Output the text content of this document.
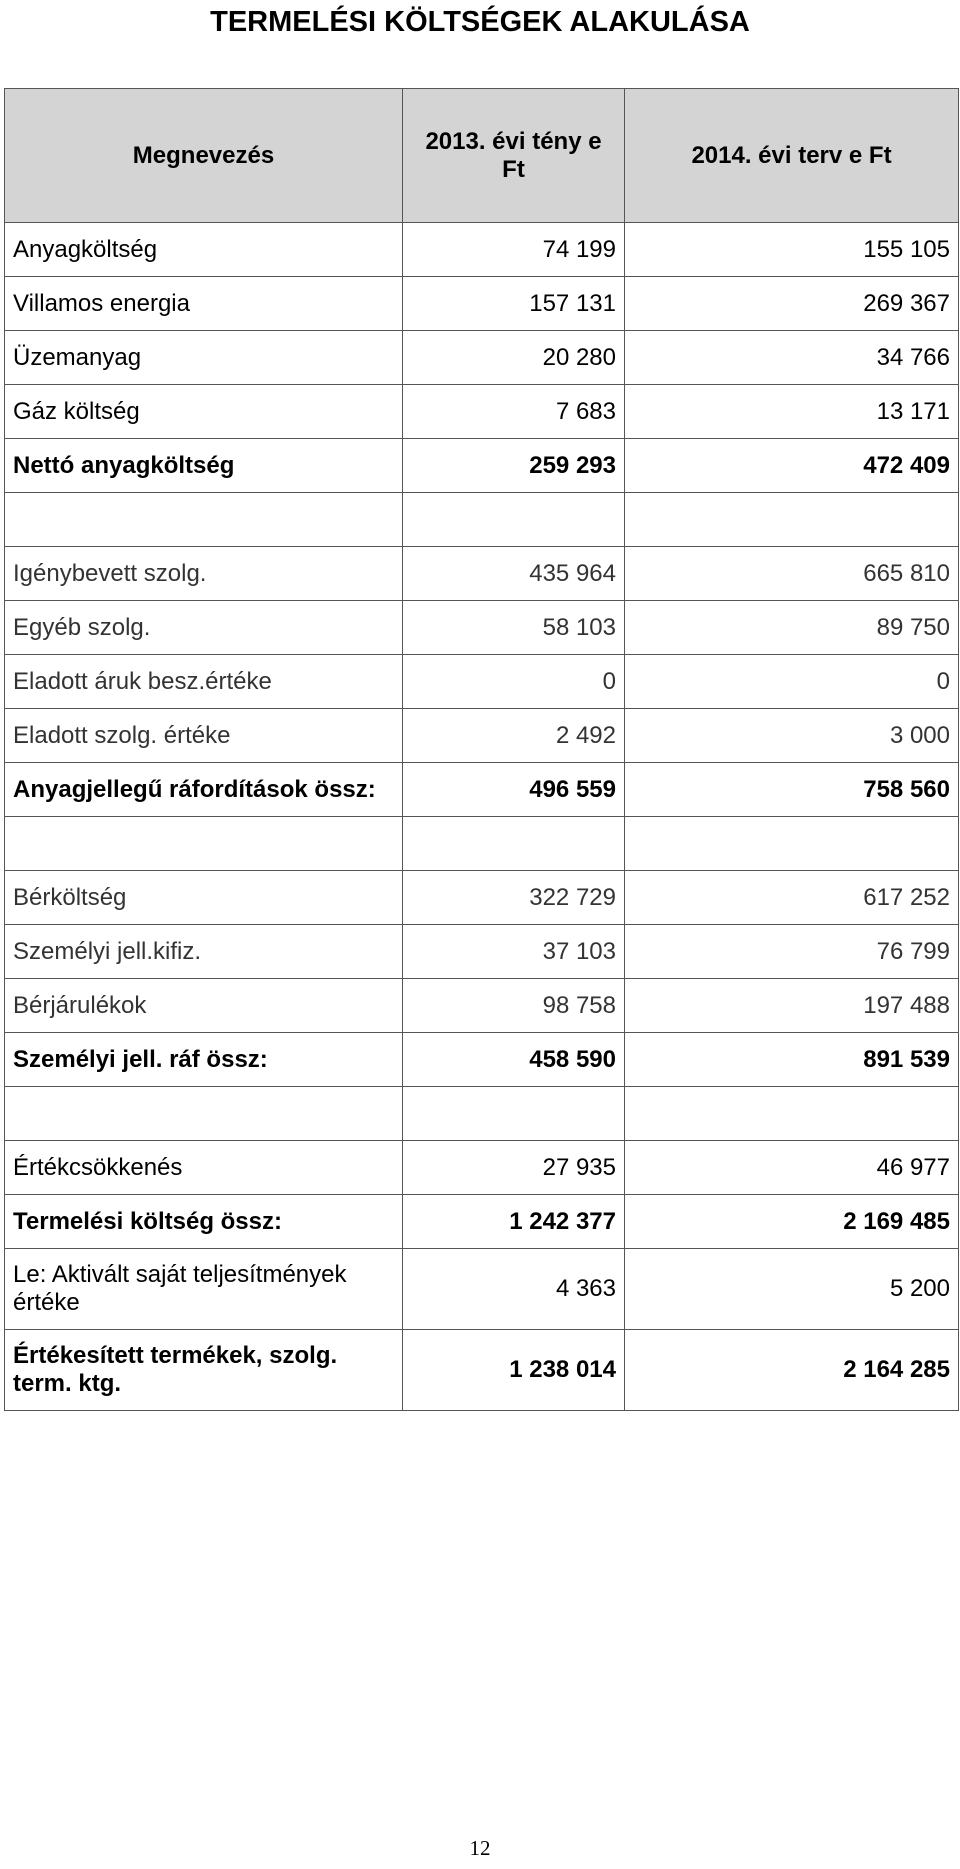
TERMELÉSI KÖLTSÉGEK ALAKULÁSA
Megnevezés	2013. évi tény e Ft	2014. évi terv e Ft
Anyagköltség	74 199	155 105
Villamos energia	157 131	269 367
Üzemanyag	20 280	34 766
Gáz költség	7 683	13 171
Nettó anyagköltség	259 293	472 409

Igénybevett szolg.	435 964	665 810
Egyéb szolg.	58 103	89 750
Eladott áruk besz.értéke	0	0
Eladott szolg. értéke	2 492	3 000
Anyagjellegű ráfordítások össz:	496 559	758 560

Bérköltség	322 729	617 252
Személyi jell.kifiz.	37 103	76 799
Bérjárulékok	98 758	197 488
Személyi jell. ráf össz:	458 590	891 539

Értékcsökkenés	27 935	46 977
Termelési költség össz:	1 242 377	2 169 485
Le: Aktivált saját teljesítmények értéke	4 363	5 200
Értékesített termékek, szolg. term. ktg.	1 238 014	2 164 285
12
